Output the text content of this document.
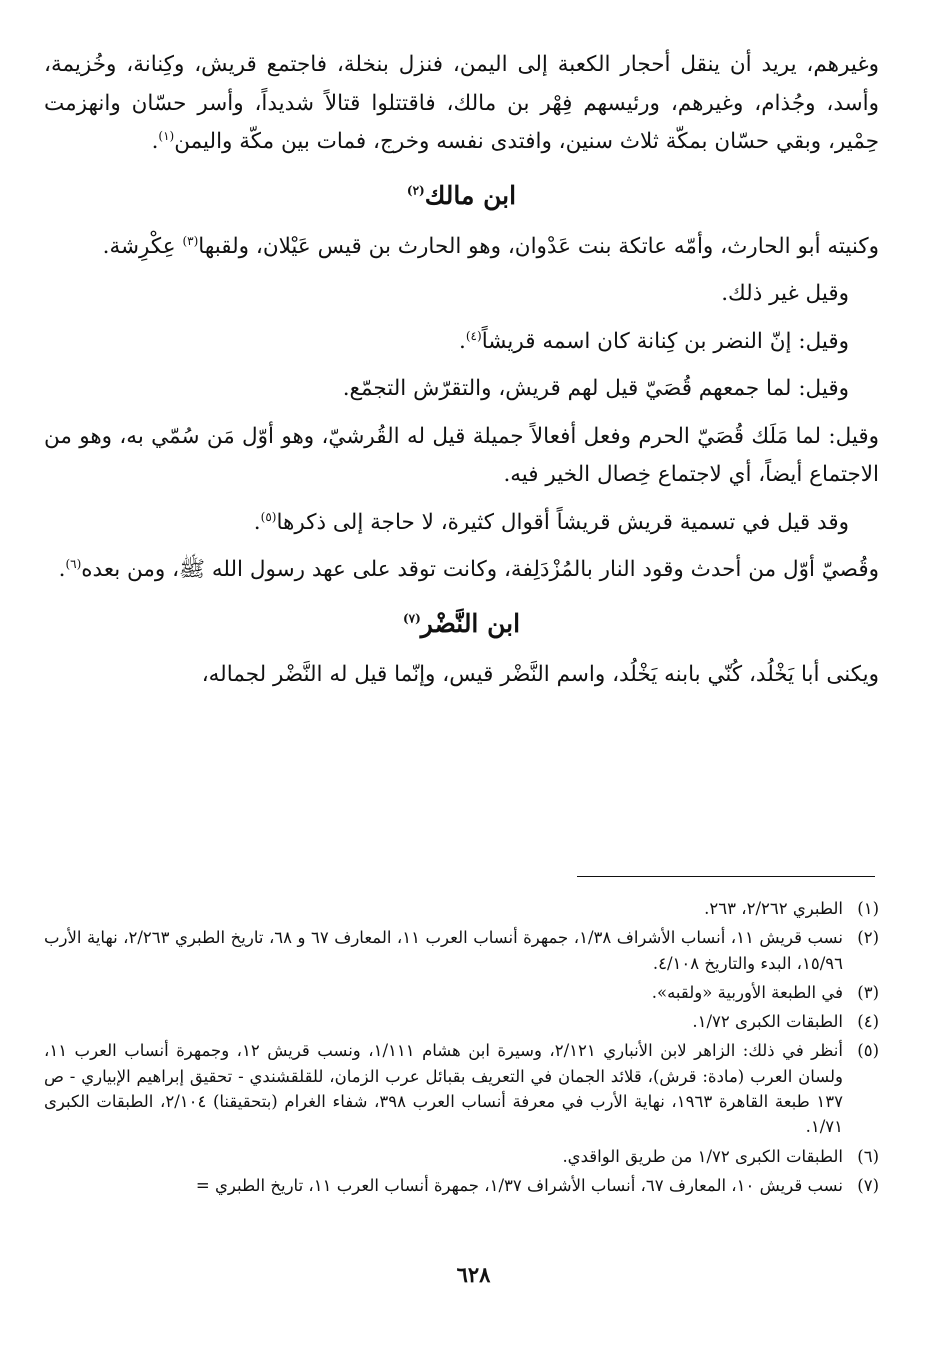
وغيرهم، يريد أن ينقل أحجار الكعبة إلى اليمن، فنزل بنخلة، فاجتمع قريش، وكِنانة، وخُزيمة، وأسد، وجُذام، وغيرهم، ورئيسهم فِهْر بن مالك، فاقتتلوا قتالاً شديداً، وأسر حسّان وانهزمت حِمْير، وبقي حسّان بمكّة ثلاث سنين، وافتدى نفسه وخرج، فمات بين مكّة واليمن$^{(١)}$.

ابن مالك$^{(٢)}$

وكنيته أبو الحارث، وأمّه عاتكة بنت عَدْوان، وهو الحارث بن قيس عَيْلان، ولقبها$^{(٣)}$ عِكْرِشة.

وقيل غير ذلك.

وقيل: إنّ النضر بن كِنانة كان اسمه قريشاً$^{(٤)}$.

وقيل: لما جمعهم قُصَيّ قيل لهم قريش، والتقرّش التجمّع.

وقيل: لما مَلَك قُصَيّ الحرم وفعل أفعالاً جميلة قيل له القُرشيّ، وهو أوّل مَن سُمّي به، وهو من الاجتماع أيضاً، أي لاجتماع خِصال الخير فيه.

وقد قيل في تسمية قريش قريشاً أقوال كثيرة، لا حاجة إلى ذكرها$^{(٥)}$.

وقُصيّ أوّل من أحدث وقود النار بالمُزْدَلِفة، وكانت توقد على عهد رسول الله ﷺ، ومن بعده$^{(٦)}$.

ابن النَّضْر$^{(٧)}$

ويكنى أبا يَخْلُد، كُنّي بابنه يَخْلُد، واسم النَّضْر قيس، وإنّما قيل له النَّضْر لجماله،

(١)
الطبري ٢/٢٦٢، ٢٦٣.
(٢)
نسب قريش ١١، أنساب الأشراف ١/٣٨، جمهرة أنساب العرب ١١، المعارف ٦٧ و ٦٨، تاريخ الطبري ٢/٢٦٣، نهاية الأرب ١٥/٩٦، البدء والتاريخ ٤/١٠٨.
(٣)
في الطبعة الأوربية «ولقبه».
(٤)
الطبقات الكبرى ١/٧٢.
(٥)
أنظر في ذلك: الزاهر لابن الأنباري ٢/١٢١، وسيرة ابن هشام ١/١١١، ونسب قريش ١٢، وجمهرة أنساب العرب ١١، ولسان العرب (مادة: قرش)، قلائد الجمان في التعريف بقبائل عرب الزمان، للقلقشندي - تحقيق إبراهيم الإبياري - ص ١٣٧ طبعة القاهرة ١٩٦٣، نهاية الأرب في معرفة أنساب العرب ٣٩٨، شفاء الغرام (بتحقيقنا) ٢/١٠٤، الطبقات الكبرى ١/٧١.
(٦)
الطبقات الكبرى ١/٧٢ من طريق الواقدي.
(٧)
نسب قريش ١٠، المعارف ٦٧، أنساب الأشراف ١/٣٧، جمهرة أنساب العرب ١١، تاريخ الطبري =
٦٢٨
